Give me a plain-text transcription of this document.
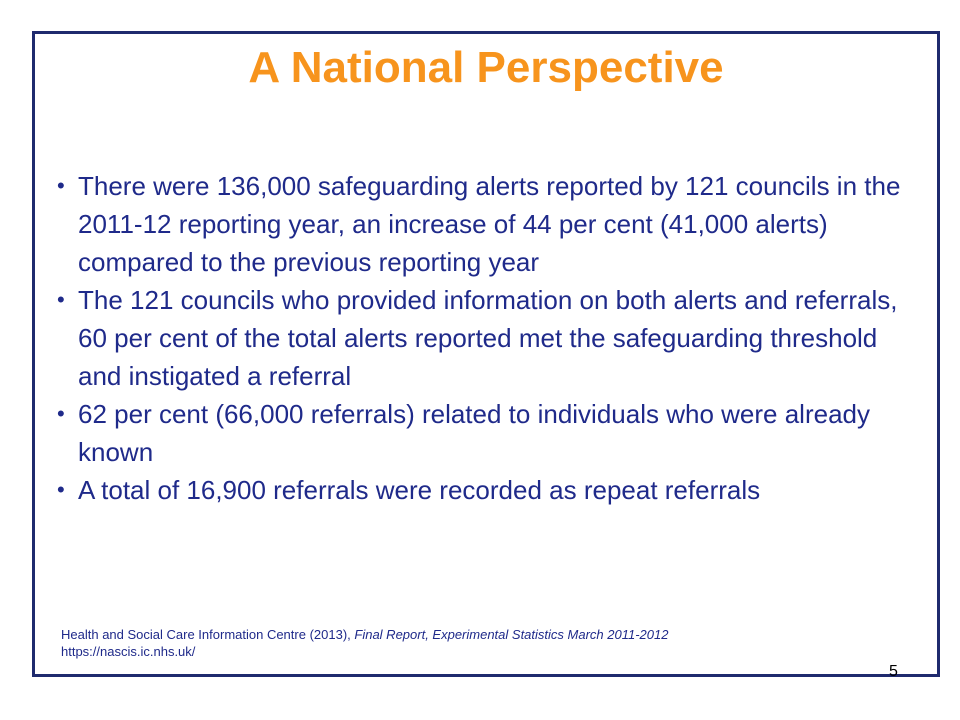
A National Perspective
• There were 136,000 safeguarding alerts reported by 121 councils in the 2011-12 reporting year, an increase of 44 per cent (41,000 alerts) compared to the previous reporting year
• The 121 councils who provided information on both alerts and referrals, 60 per cent of the total alerts reported met the safeguarding threshold and instigated a referral
• 62 per cent (66,000 referrals) related to individuals who were already known
• A total of 16,900 referrals were recorded as repeat referrals
Health and Social Care Information Centre (2013), Final Report, Experimental Statistics March 2011-2012
https://nascis.ic.nhs.uk/
5
